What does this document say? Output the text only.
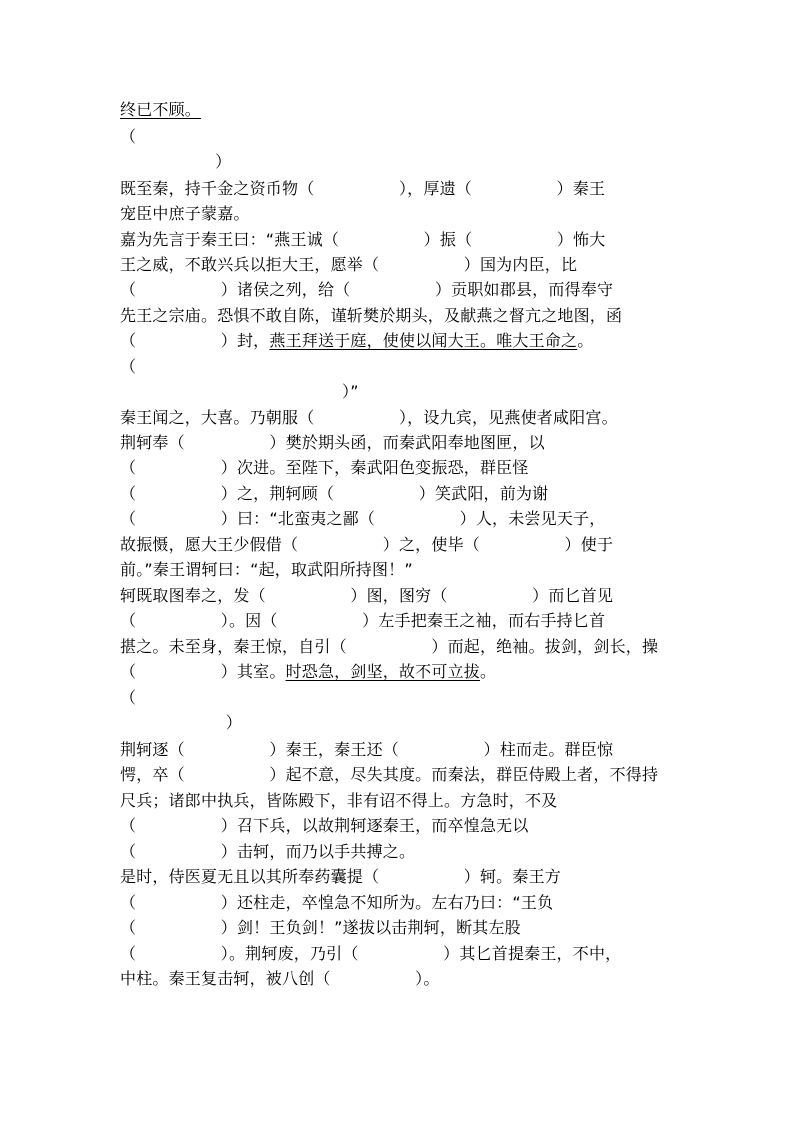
终已不顾。
（
）
既至秦，持千金之资币物（                ），厚遗（                ）秦王
宠臣中庶子蒙嘉。
嘉为先言于秦王曰：“燕王诚（                ）振（                ）怖大
王之威，不敢兴兵以拒大王，愿举（                ）国为内臣，比
（                ）诸侯之列，给（                ）贡职如郡县，而得奉守
先王之宗庙。恐惧不敢自陈，谨斩樊於期头，及献燕之督亢之地图，函
（                ）封，燕王拜送于庭，使使以闻大王。唯大王命之。
（
）”
秦王闻之，大喜。乃朝服（                ），设九宾，见燕使者咸阳宫。
荆轲奉（                ）樊於期头函，而秦武阳奉地图匣，以
（                ）次进。至陛下，秦武阳色变振恐，群臣怪
（                ）之，荆轲顾（                ）笑武阳，前为谢
（                ）曰：“北蛮夷之鄙（                ）人，未尝见天子，
故振慑，愿大王少假借（                ）之，使毕（                ）使于
前。”秦王谓轲曰：“起，取武阳所持图！”
轲既取图奉之，发（                ）图，图穷（                ）而匕首见
（                ）。因（                ）左手把秦王之袖，而右手持匕首
揕之。未至身，秦王惊，自引（                ）而起，绝袖。拔剑，剑长，操
（                ）其室。时恐急，剑坚，故不可立拔。
（
）
荆轲逐（                ）秦王，秦王还（                ）柱而走。群臣惊
愕，卒（                ）起不意，尽失其度。而秦法，群臣侍殿上者，不得持
尺兵；诸郎中执兵，皆陈殿下，非有诏不得上。方急时，不及
（                ）召下兵，以故荆轲逐秦王，而卒惶急无以
（                ）击轲，而乃以手共搏之。
是时，侍医夏无且以其所奉药囊提（                ）轲。秦王方
（                ）还柱走，卒惶急不知所为。左右乃曰：“王负
（                ）剑！王负剑！”遂拔以击荆轲，断其左股
（                ）。荆轲废，乃引（                ）其匕首提秦王，不中，
中柱。秦王复击轲，被八创（                ）。
